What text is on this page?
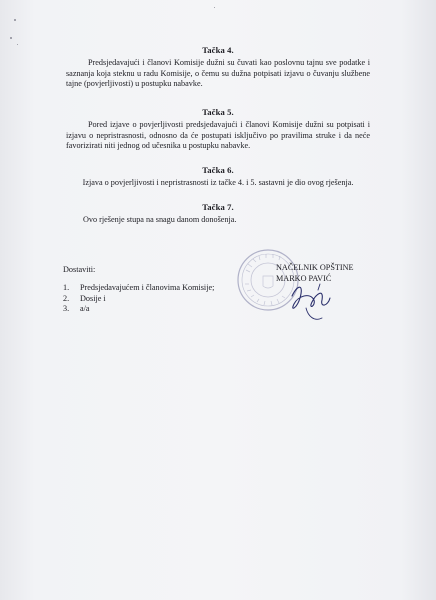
Tačka 4.
Predsjedavajući i članovi Komisije dužni su čuvati kao poslovnu tajnu sve podatke i saznanja koja steknu u radu Komisije, o čemu su dužna potpisati izjavu o čuvanju službene tajne (povjerljivosti) u postupku nabavke.
Tačka 5.
Pored izjave o povjerljivosti predsjedavajući i članovi Komisije dužni su potpisati i izjavu o nepristrasnosti, odnosno da će postupati isključivo po pravilima struke i da neće favorizirati niti jednog od učesnika u postupku nabavke.
Tačka 6.
Izjava o povjerljivosti i nepristrasnosti iz tačke 4. i 5. sastavni je dio ovog rješenja.
Tačka 7.
Ovo rješenje stupa na snagu danom donošenja.
Dostaviti:
1.	Predsjedavajućem i članovima Komisije;
2.	Dosije i
3.	a/a
NAČELNIK OPŠTINE
MARKO PAVIĆ
